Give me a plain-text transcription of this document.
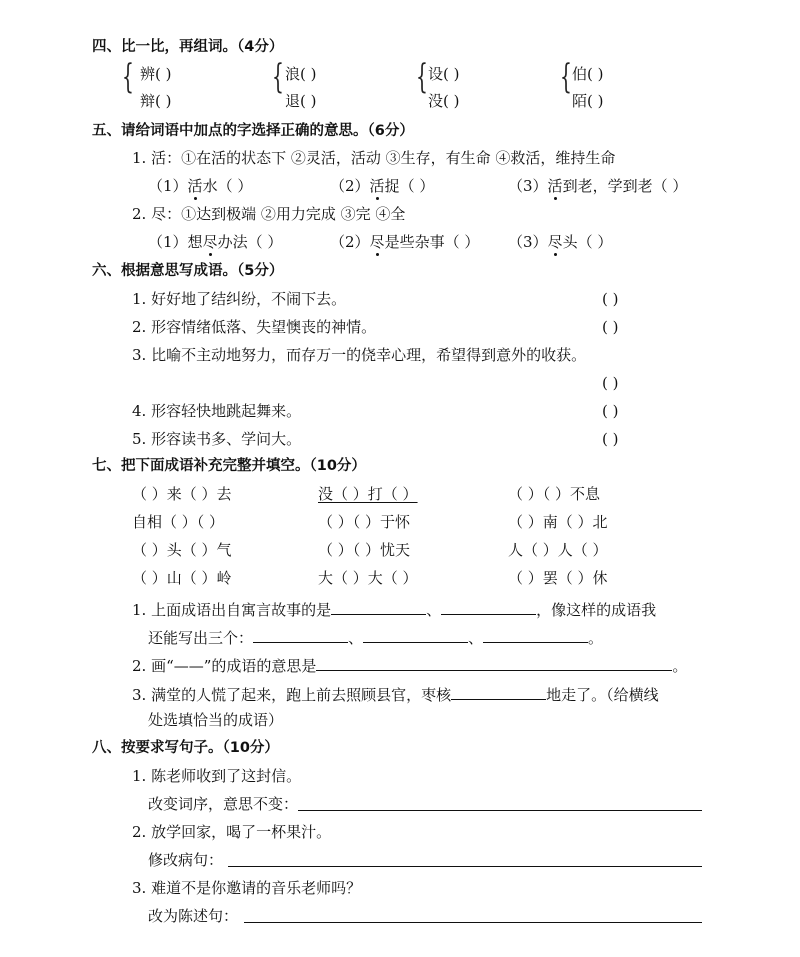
四、比一比，再组词。（4分）
{ 辨( )
辩( )
{ 浪( )
退( )
{ 设( )
没( )
{ 伯( )
陌( )
五、请给词语中加点的字选择正确的意思。（6分）
1. 活：①在活的状态下 ②灵活，活动 ③生存，有生命 ④救活，维持生命
（1）活水（ ）	（2）活捉（ ）	（3）活到老，学到老（ ）
2. 尽：①达到极端 ②用力完成 ③完 ④全
（1）想尽办法（ ）	（2）尽是些杂事（ ） （3）尽头（ ）
六、根据意思写成语。（5分）
1. 好好地了结纠纷，不闹下去。	( )
2. 形容情绪低落、失望懊丧的神情。	( )
3. 比喻不主动地努力，而存万一的侥幸心理，希望得到意外的收获。
( )
4. 形容轻快地跳起舞来。	( )
5. 形容读书多、学问大。	( )
七、把下面成语补充完整并填空。（10分）
（ ）来（ ）去	没（ ）打（ ）	（ ）（ ）不息
自相（ ）（ ）	（ ）（ ）于怀	（ ）南（ ）北
（ ）头（ ）气	（ ）（ ）忧天	人（ ）人（ ）
（ ）山（ ）岭	大（ ）大（ ）	（ ）罢（ ）休
1. 上面成语出自寓言故事的是	、	，像这样的成语我
还能写出三个：	、	、	。
2. 画“——”的成语的意思是	。
3. 满堂的人慌了起来，跑上前去照顾县官，枣核	地走了。（给横线
处选填恰当的成语）
八、按要求写句子。（10分）
1. 陈老师收到了这封信。
改变词序，意思不变：
2. 放学回家，喝了一杯果汁。
修改病句：
3. 难道不是你邀请的音乐老师吗？
改为陈述句：
